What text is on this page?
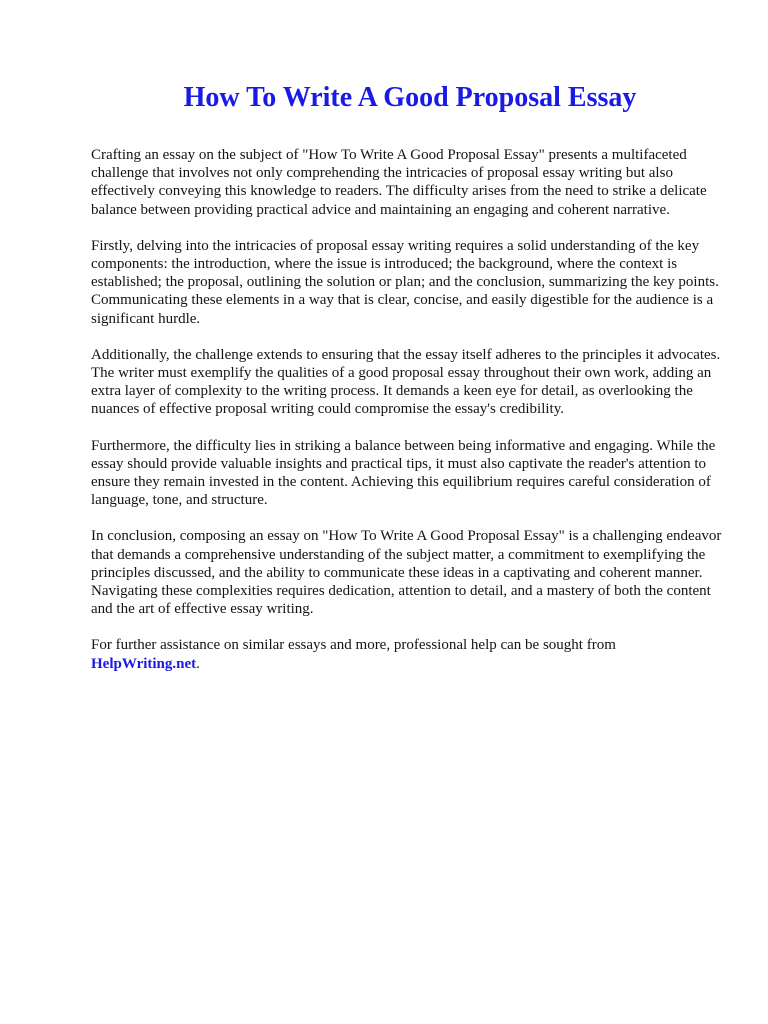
How To Write A Good Proposal Essay

Crafting an essay on the subject of "How To Write A Good Proposal Essay" presents a multifaceted challenge that involves not only comprehending the intricacies of proposal essay writing but also effectively conveying this knowledge to readers. The difficulty arises from the need to strike a delicate balance between providing practical advice and maintaining an engaging and coherent narrative.

Firstly, delving into the intricacies of proposal essay writing requires a solid understanding of the key components: the introduction, where the issue is introduced; the background, where the context is established; the proposal, outlining the solution or plan; and the conclusion, summarizing the key points. Communicating these elements in a way that is clear, concise, and easily digestible for the audience is a significant hurdle.

Additionally, the challenge extends to ensuring that the essay itself adheres to the principles it advocates. The writer must exemplify the qualities of a good proposal essay throughout their own work, adding an extra layer of complexity to the writing process. It demands a keen eye for detail, as overlooking the nuances of effective proposal writing could compromise the essay's credibility.

Furthermore, the difficulty lies in striking a balance between being informative and engaging. While the essay should provide valuable insights and practical tips, it must also captivate the reader's attention to ensure they remain invested in the content. Achieving this equilibrium requires careful consideration of language, tone, and structure.

In conclusion, composing an essay on "How To Write A Good Proposal Essay" is a challenging endeavor that demands a comprehensive understanding of the subject matter, a commitment to exemplifying the principles discussed, and the ability to communicate these ideas in a captivating and coherent manner. Navigating these complexities requires dedication, attention to detail, and a mastery of both the content and the art of effective essay writing.

For further assistance on similar essays and more, professional help can be sought from
HelpWriting.net.
